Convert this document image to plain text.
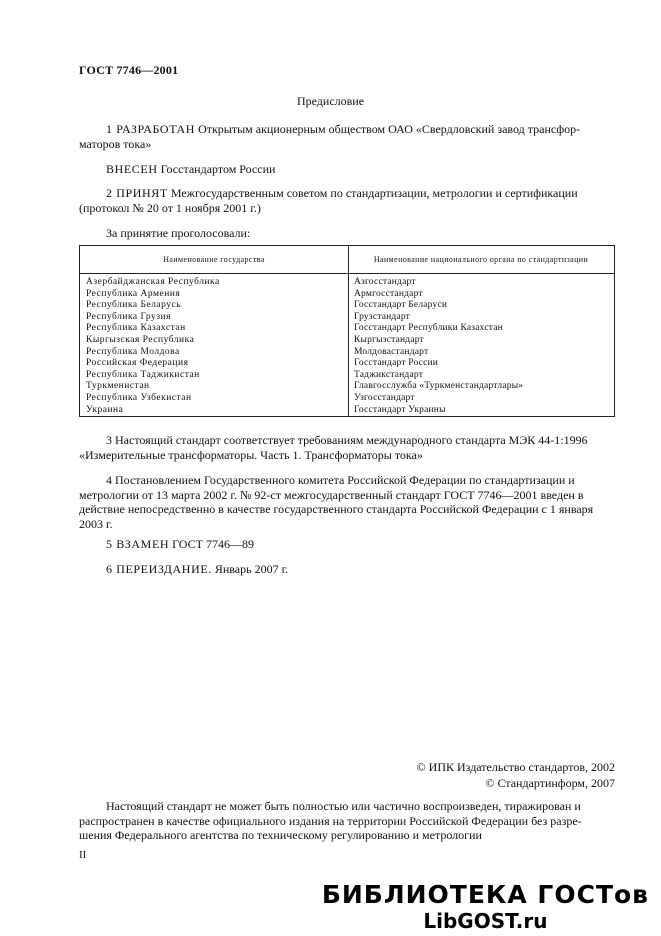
ГОСТ 7746—2001
Предисловие
1 РАЗРАБОТАН Открытым акционерным обществом ОАО «Свердловский завод трансфор-
маторов тока»
ВНЕСЕН Госстандартом России
2 ПРИНЯТ Межгосударственным советом по стандартизации, метрологии и сертификации
(протокол № 20 от 1 ноября 2001 г.)
За принятие проголосовали:
Наименование государства	Наименование национального органа по стандартизации
Азербайджанская Республика
Республика Армения
Республика Беларусь
Республика Грузия
Республика Казахстан
Кыргызская Республика
Республика Молдова
Российская Федерация
Республика Таджикистан
Туркменистан
Республика Узбекистан
Украина
Азгосстандарт
Армгосстандарт
Госстандарт Беларуси
Грузстандарт
Госстандарт Республики Казахстан
Кыргызстандарт
Молдовастандарт
Госстандарт России
Таджикстандарт
Главгосслужба «Туркменстандартлары»
Узгосстандарт
Госстандарт Украины
3 Настоящий стандарт соответствует требованиям международного стандарта МЭК 44-1:1996
«Измерительные трансформаторы. Часть 1. Трансформаторы тока»
4 Постановлением Государственного комитета Российской Федерации по стандартизации и
метрологии от 13 марта 2002 г. № 92-ст межгосударственный стандарт ГОСТ 7746—2001 введен в
действие непосредственно в качестве государственного стандарта Российской Федерации с 1 января
2003 г.
5 ВЗАМЕН ГОСТ 7746—89
6 ПЕРЕИЗДАНИЕ. Январь 2007 г.
© ИПК Издательство стандартов, 2002
© Стандартинформ, 2007
Настоящий стандарт не может быть полностью или частично воспроизведен, тиражирован и
распространен в качестве официального издания на территории Российской Федерации без разре-
шения Федерального агентства по техническому регулированию и метрологии
II
БИБЛИОТЕКА ГОСТов
LibGOST.ru
